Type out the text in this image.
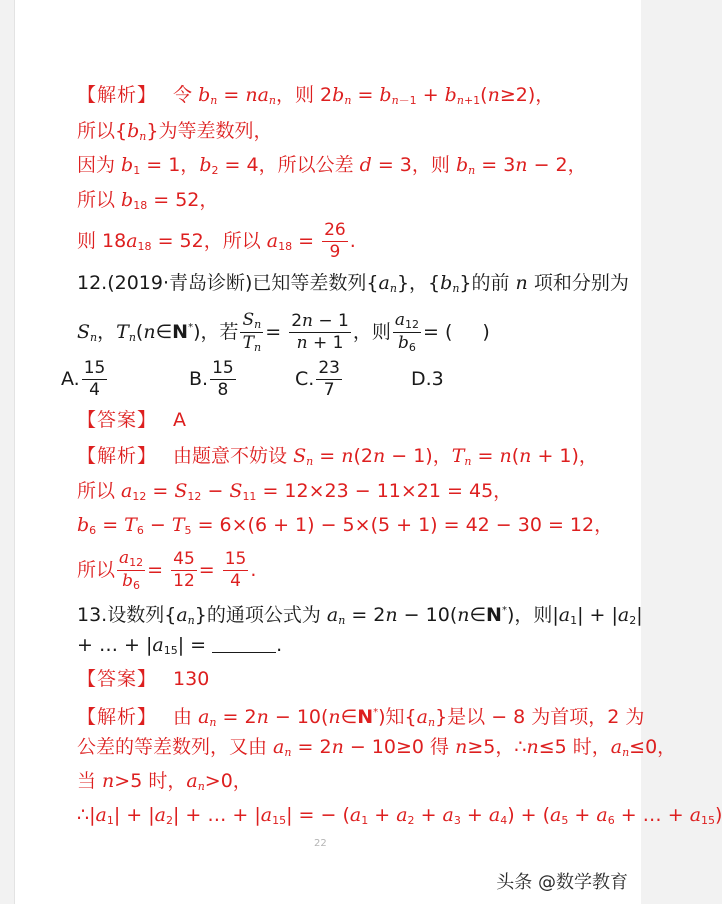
【解析】 令 $b_n = na_n$，则 $2b_n = b_{n-1} + b_{n+1}(n\ge 2)$，
所以$\{b_n\}$为等差数列，
因为 $b_1 = 1$，$b_2 = 4$，所以公差 d = 3，则 $b_n = 3n - 2$，
所以 $b_{18} = 52$，
则 $18a_{18} = 52$，所以 $a_{18} = \frac{26}{9}$ .
12.(2019·青岛诊断)已知等差数列$\{a_n\}$，$\{b_n\}$的前 n 项和分别为
$S_n$，$T_n(n\in N^*)$，若 $\frac{S_n}{T_n} = \frac{2n - 1}{n + 1}$ ，则 $\frac{a_{12}}{b_6}$ = ( )
A. $\frac{15}{4}$	B. $\frac{15}{8}$	C. $\frac{23}{7}$	D.3
【答案】 A
【解析】 由题意不妨设 $S_n = n(2n - 1)$，$T_n = n(n + 1)$，
所以 $a_{12} = S_{12} - S_{11} = 12\times 23 - 11\times 21 = 45$，
$b_6 = T_6 - T_5 = 6\times(6 + 1) - 5\times(5 + 1) = 42 - 30 = 12$，
所以 $\frac{a_{12}}{b_6} = \frac{45}{12} = \frac{15}{4}$ .
13.设数列$\{a_n\}$的通项公式为 $a_n = 2n$ − 10(n∈N*)，则$|a_1| + |a_2|$
+ … + $|a_{15}|$ =	.
【答案】 130
【解析】 由 $a_n = 2n$ − 10(n∈N*)知$\{a_n\}$是以 − 8 为首项，2 为
公差的等差数列，又由 $a_n = 2n - 10\ge 0$ 得 n≥5，∴n≤5 时，$a_n\le 0$，
当 n>5 时，$a_n>0$，
$\therefore|a_1| + |a_2|$ + … + $|a_{15}|$ = − $(a_1 + a_2 + a_3 + a_4) + (a_5 + a_6$ + … + $a_{15}$)
22
头条 @数学教育
